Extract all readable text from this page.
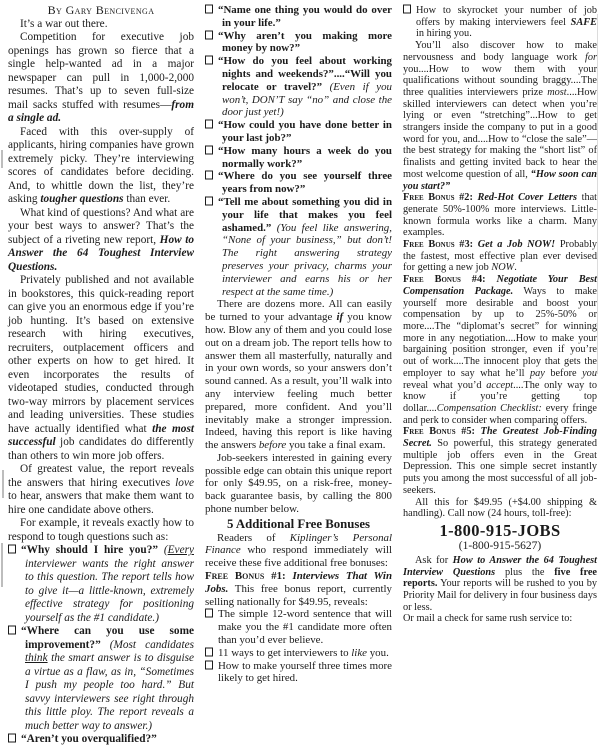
By Gary Bencivenga
It’s a war out there.
Competition for executive job openings has grown so fierce that a single help-wanted ad in a major newspaper can pull in 1,000-2,000 resumes. That’s up to seven full-size mail sacks stuffed with resumes—from a single ad.
Faced with this over-supply of applicants, hiring companies have grown extremely picky. They’re interviewing scores of candidates before deciding. And, to whittle down the list, they’re asking tougher questions than ever.
What kind of questions? And what are your best ways to answer? That’s the subject of a riveting new report, How to Answer the 64 Toughest Interview Questions.
Privately published and not available in bookstores, this quick-reading report can give you an enormous edge if you’re job hunting. It’s based on extensive research with hiring executives, recruiters, outplacement officers and other experts on how to get hired. It even incorporates the results of videotaped studies, conducted through two-way mirrors by placement services and leading universities. These studies have actually identified what the most successful job candidates do differently than others to win more job offers.
Of greatest value, the report reveals the answers that hiring executives love to hear, answers that make them want to hire one candidate above others.
For example, it reveals exactly how to respond to tough questions such as:
“Why should I hire you?” (Every interviewer wants the right answer to this question. The report tells how to give it—a little-known, extremely effective strategy for positioning yourself as the #1 candidate.)
“Where can you use some improvement?” (Most candidates think the smart answer is to disguise a virtue as a flaw, as in, “Sometimes I push my people too hard.” But savvy interviewers see right through this little ploy. The report reveals a much better way to answer.)
“Aren’t you overqualified?”
“Name one thing you would do over in your life.”
“Why aren’t you making more money by now?”
“How do you feel about working nights and weekends?”....“Will you relocate or travel?” (Even if you won’t, DON’T say “no” and close the door just yet!)
“How could you have done better in your last job?”
“How many hours a week do you normally work?”
“Where do you see yourself three years from now?”
“Tell me about something you did in your life that makes you feel ashamed.” (You feel like answering, “None of your business,” but don’t! The right answering strategy preserves your privacy, charms your interviewer and earns his or her respect at the same time.)
There are dozens more. All can easily be turned to your advantage if you know how. Blow any of them and you could lose out on a dream job. The report tells how to answer them all masterfully, naturally and in your own words, so your answers don’t sound canned. As a result, you’ll walk into any interview feeling much better prepared, more confident. And you’ll inevitably make a stronger impression. Indeed, having this report is like having the answers before you take a final exam.
Job-seekers interested in gaining every possible edge can obtain this unique report for only $49.95, on a risk-free, money-back guarantee basis, by calling the 800 phone number below.
5 Additional Free Bonuses
Readers of Kiplinger’s Personal Finance who respond immediately will receive these five additional free bonuses:
Free Bonus #1: Interviews That Win Jobs. This free bonus report, currently selling nationally for $49.95, reveals:
The simple 12-word sentence that will make you the #1 candidate more often than you’d ever believe.
11 ways to get interviewers to like you.
How to make yourself three times more likely to get hired.
How to skyrocket your number of job offers by making interviewers feel SAFE in hiring you.
You’ll also discover how to make nervousness and body language work for you....How to wow them with your qualifications without sounding braggy....The three qualities interviewers prize most....How skilled interviewers can detect when you’re lying or even “stretching”...How to get strangers inside the company to put in a good word for you, and....How to “close the sale”—the best strategy for making the “short list” of finalists and getting invited back to hear the most welcome question of all, “How soon can you start?”
Free Bonus #2: Red-Hot Cover Letters that generate 50%-100% more interviews. Little-known formula works like a charm. Many examples.
Free Bonus #3: Get a Job NOW! Probably the fastest, most effective plan ever devised for getting a new job NOW.
Free Bonus #4: Negotiate Your Best Compensation Package. Ways to make yourself more desirable and boost your compensation by up to 25%-50% or more....The “diplomat’s secret” for winning more in any negotiation....How to make your bargaining position stronger, even if you’re out of work....The innocent ploy that gets the employer to say what he’ll pay before you reveal what you’d accept....The only way to know if you’re getting top dollar....Compensation Checklist: every fringe and perk to consider when comparing offers.
Free Bonus #5: The Greatest Job-Finding Secret. So powerful, this strategy generated multiple job offers even in the Great Depression. This one simple secret instantly puts you among the most successful of all job-seekers.
All this for $49.95 (+$4.00 shipping & handling). Call now (24 hours, toll-free):
1-800-915-JOBS
(1-800-915-5627)
Ask for How to Answer the 64 Toughest Interview Questions plus the five free reports. Your reports will be rushed to you by Priority Mail for delivery in four business days or less.
Or mail a check for same rush service to:
